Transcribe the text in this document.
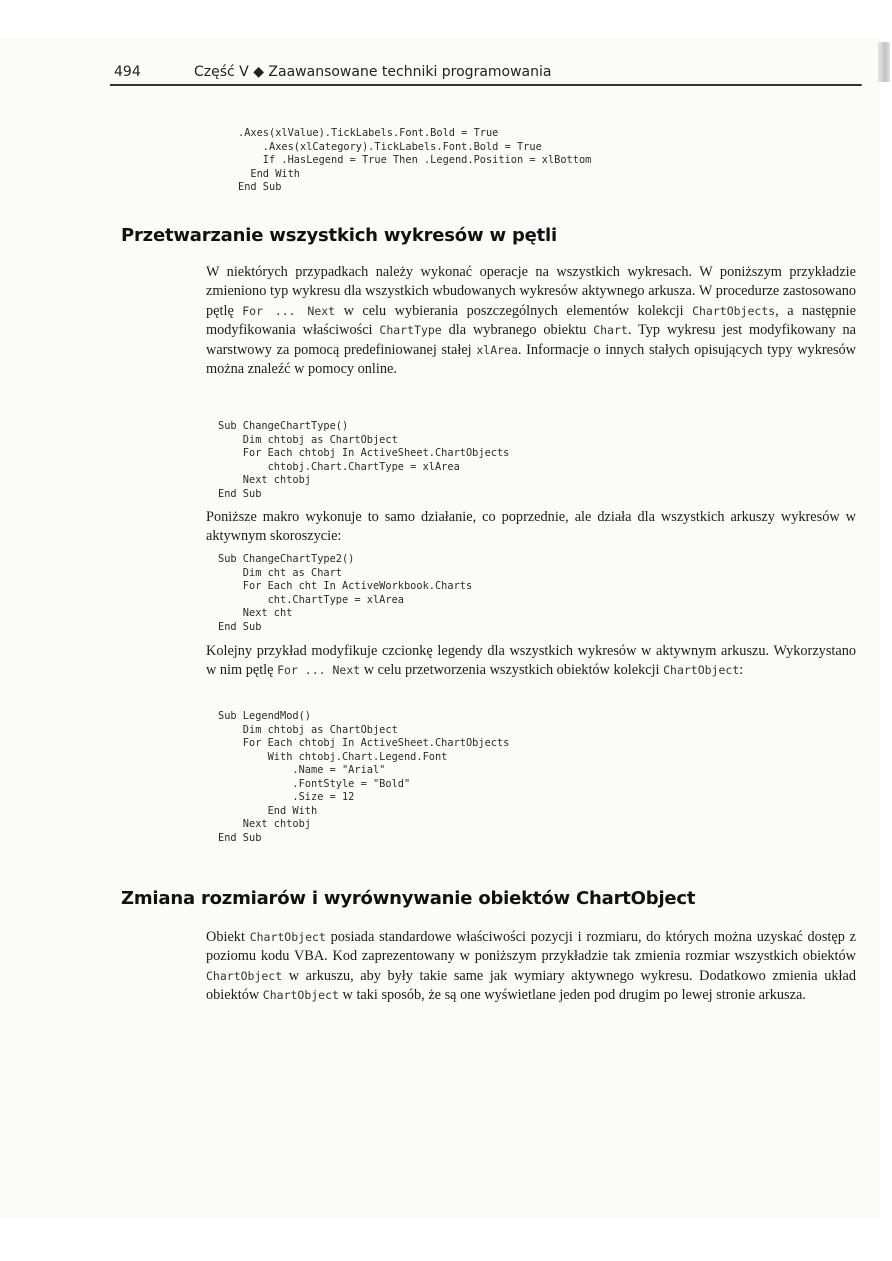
494	Część V ◆ Zaawansowane techniki programowania
.Axes(xlValue).TickLabels.Font.Bold = True
.Axes(xlCategory).TickLabels.Font.Bold = True
If .HasLegend = True Then .Legend.Position = xlBottom
End With
End Sub
Przetwarzanie wszystkich wykresów w pętli

W niektórych przypadkach należy wykonać operacje na wszystkich wykresach. W poniższym przykładzie zmieniono typ wykresu dla wszystkich wbudowanych wykresów aktywnego arkusza. W procedurze zastosowano pętlę For ... Next w celu wybierania poszczególnych elementów kolekcji ChartObjects, a następnie modyfikowania właściwości ChartType dla wybranego obiektu Chart. Typ wykresu jest modyfikowany na warstwowy za pomocą predefiniowanej stałej xlArea. Informacje o innych stałych opisujących typy wykresów można znaleźć w pomocy online.

Sub ChangeChartType()
Dim chtobj as ChartObject
For Each chtobj In ActiveSheet.ChartObjects
chtobj.Chart.ChartType = xlArea
Next chtobj
End Sub

Poniższe makro wykonuje to samo działanie, co poprzednie, ale działa dla wszystkich arkuszy wykresów w aktywnym skoroszycie:

Sub ChangeChartType2()
Dim cht as Chart
For Each cht In ActiveWorkbook.Charts
cht.ChartType = xlArea
Next cht
End Sub

Kolejny przykład modyfikuje czcionkę legendy dla wszystkich wykresów w aktywnym arkuszu. Wykorzystano w nim pętlę For ... Next w celu przetworzenia wszystkich obiektów kolekcji ChartObject:

Sub LegendMod()
Dim chtobj as ChartObject
For Each chtobj In ActiveSheet.ChartObjects
With chtobj.Chart.Legend.Font
.Name = "Arial"
.FontStyle = "Bold"
.Size = 12
End With
Next chtobj
End Sub
Zmiana rozmiarów i wyrównywanie obiektów ChartObject

Obiekt ChartObject posiada standardowe właściwości pozycji i rozmiaru, do których można uzyskać dostęp z poziomu kodu VBA. Kod zaprezentowany w poniższym przykładzie tak zmienia rozmiar wszystkich obiektów ChartObject w arkuszu, aby były takie same jak wymiary aktywnego wykresu. Dodatkowo zmienia układ obiektów ChartObject w taki sposób, że są one wyświetlane jeden pod drugim po lewej stronie arkusza.
